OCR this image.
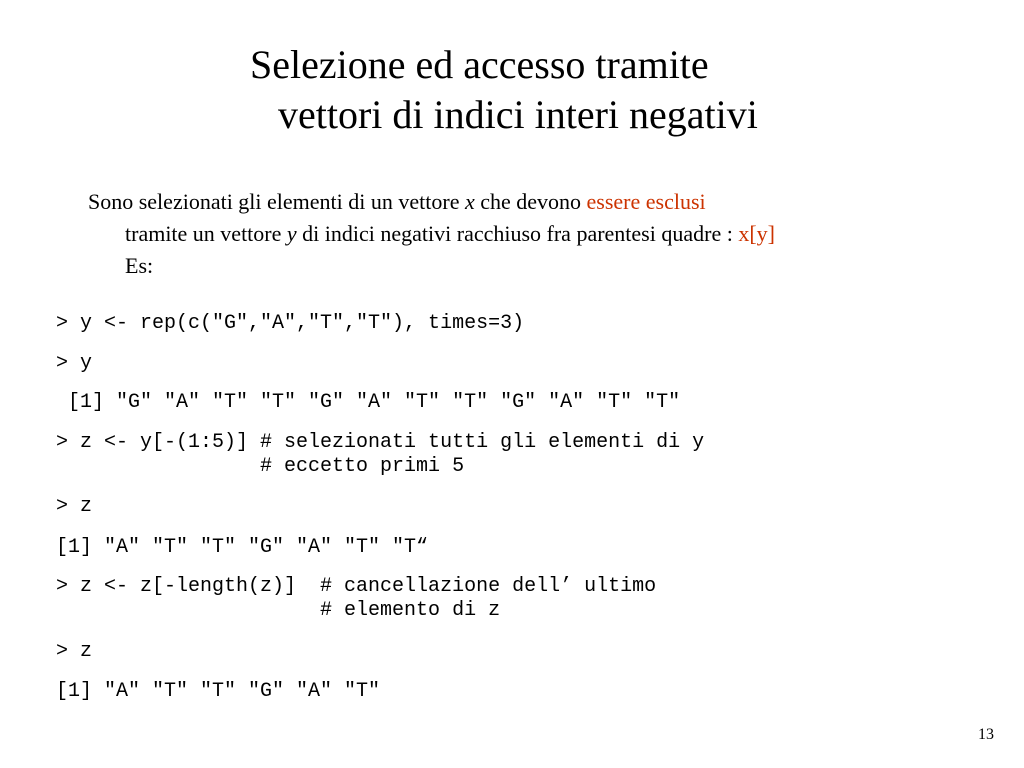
Selezione ed accesso tramite
vettori di indici interi negativi
Sono selezionati gli elementi di un vettore x che devono essere esclusi
tramite un vettore y di indici negativi racchiuso fra parentesi quadre : x[y]
Es:
> y <- rep(c("G","A","T","T"), times=3)
> y
[1] "G" "A" "T" "T" "G" "A" "T" "T" "G" "A" "T" "T"
> z <- y[-(1:5)] # selezionati tutti gli elementi di y
# eccetto primi 5
> z
[1] "A" "T" "T" "G" "A" "T" "T“
> z <- z[-length(z)]  # cancellazione dell’ ultimo
# elemento di z
> z
[1] "A" "T" "T" "G" "A" "T"
13
